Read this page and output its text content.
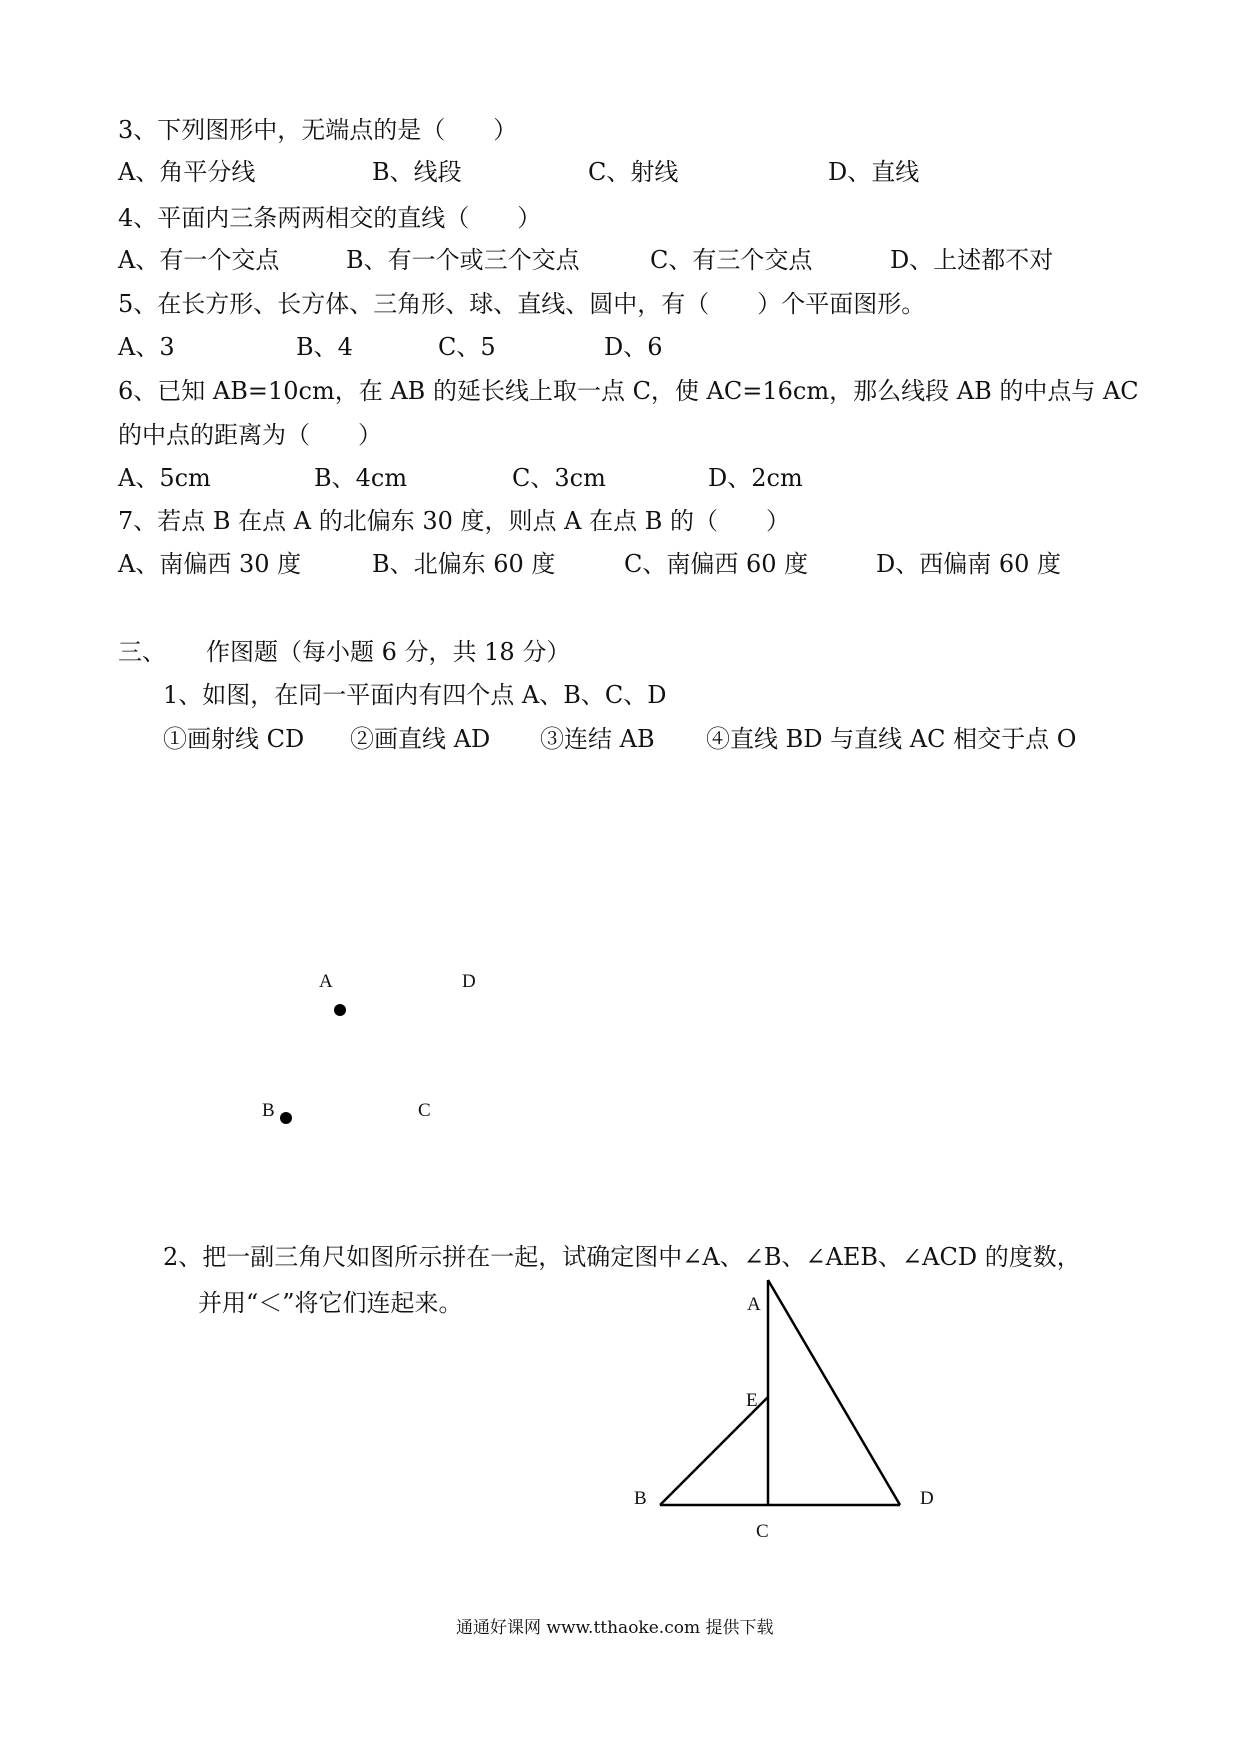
3、下列图形中，无端点的是（　　）
A、角平分线	B、线段	C、射线	D、直线
4、平面内三条两两相交的直线（　　）
A、有一个交点	B、有一个或三个交点	C、有三个交点	D、上述都不对
5、在长方形、长方体、三角形、球、直线、圆中，有（　　）个平面图形。
A、3	B、4	C、5	D、6
6、已知 AB=10cm，在 AB 的延长线上取一点 C，使 AC=16cm，那么线段 AB 的中点与 AC
的中点的距离为（　　）
A、5cm	B、4cm	C、3cm	D、2cm
7、若点 B 在点 A 的北偏东 30 度，则点 A 在点 B 的（　　）
A、南偏西 30 度	B、北偏东 60 度	C、南偏西 60 度	D、西偏南 60 度
三、 作图题（每小题 6 分，共 18 分）
1、如图，在同一平面内有四个点 A、B、C、D
①画射线 CD ②画直线 AD ③连结 AB ④直线 BD 与直线 AC 相交于点 O
A	D
B	C
2、把一副三角尺如图所示拼在一起，试确定图中∠A、∠B、∠AEB、∠ACD 的度数，
并用“＜”将它们连起来。	A
E
B
C
D
通通好课网 www.tthaoke.com 提供下载
